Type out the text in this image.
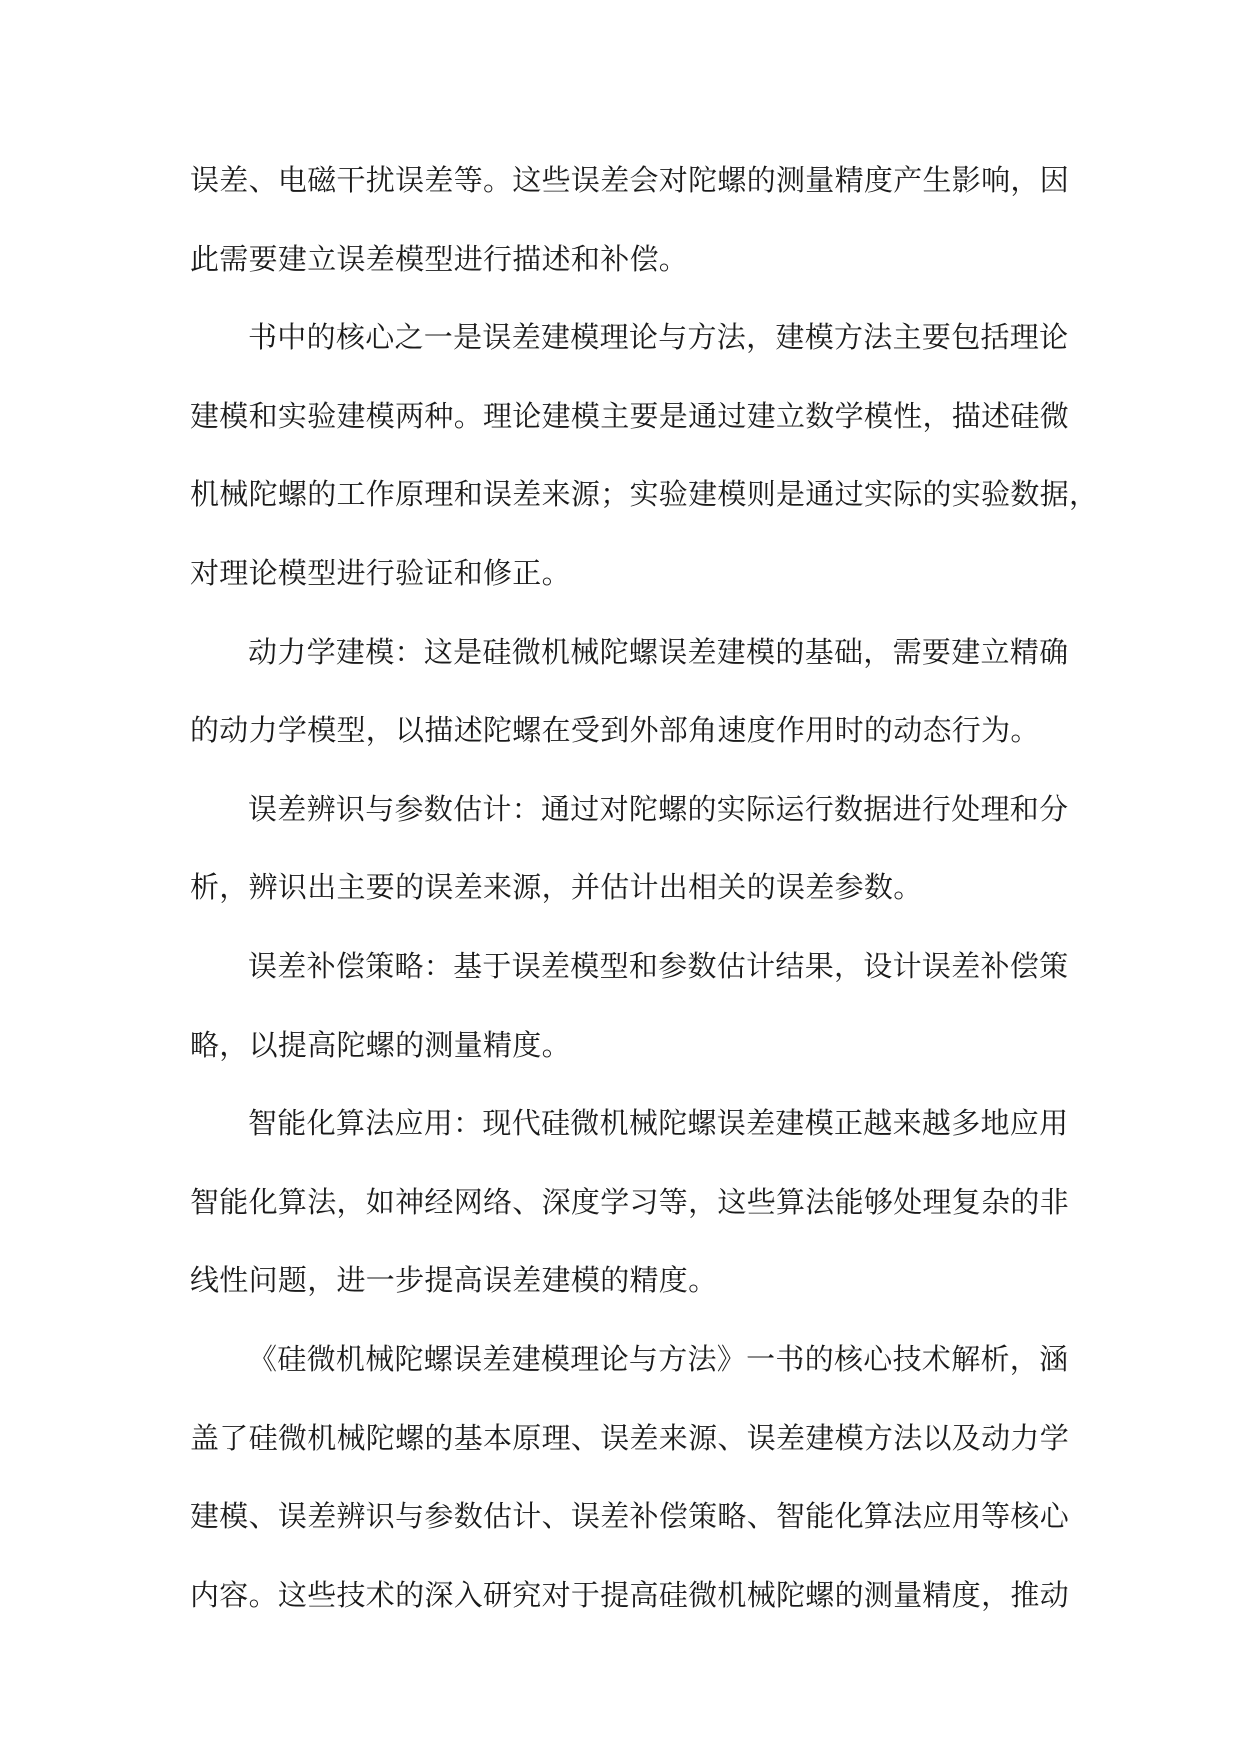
误差、电磁干扰误差等。这些误差会对陀螺的测量精度产生影响，因
此需要建立误差模型进行描述和补偿。

书中的核心之一是误差建模理论与方法，建模方法主要包括理论
建模和实验建模两种。理论建模主要是通过建立数学模性，描述硅微
机械陀螺的工作原理和误差来源；实验建模则是通过实际的实验数据，
对理论模型进行验证和修正。

动力学建模：这是硅微机械陀螺误差建模的基础，需要建立精确
的动力学模型，以描述陀螺在受到外部角速度作用时的动态行为。

误差辨识与参数估计：通过对陀螺的实际运行数据进行处理和分
析，辨识出主要的误差来源，并估计出相关的误差参数。

误差补偿策略：基于误差模型和参数估计结果，设计误差补偿策
略，以提高陀螺的测量精度。

智能化算法应用：现代硅微机械陀螺误差建模正越来越多地应用
智能化算法，如神经网络、深度学习等，这些算法能够处理复杂的非
线性问题，进一步提高误差建模的精度。

《硅微机械陀螺误差建模理论与方法》一书的核心技术解析，涵
盖了硅微机械陀螺的基本原理、误差来源、误差建模方法以及动力学
建模、误差辨识与参数估计、误差补偿策略、智能化算法应用等核心
内容。这些技术的深入研究对于提高硅微机械陀螺的测量精度，推动
